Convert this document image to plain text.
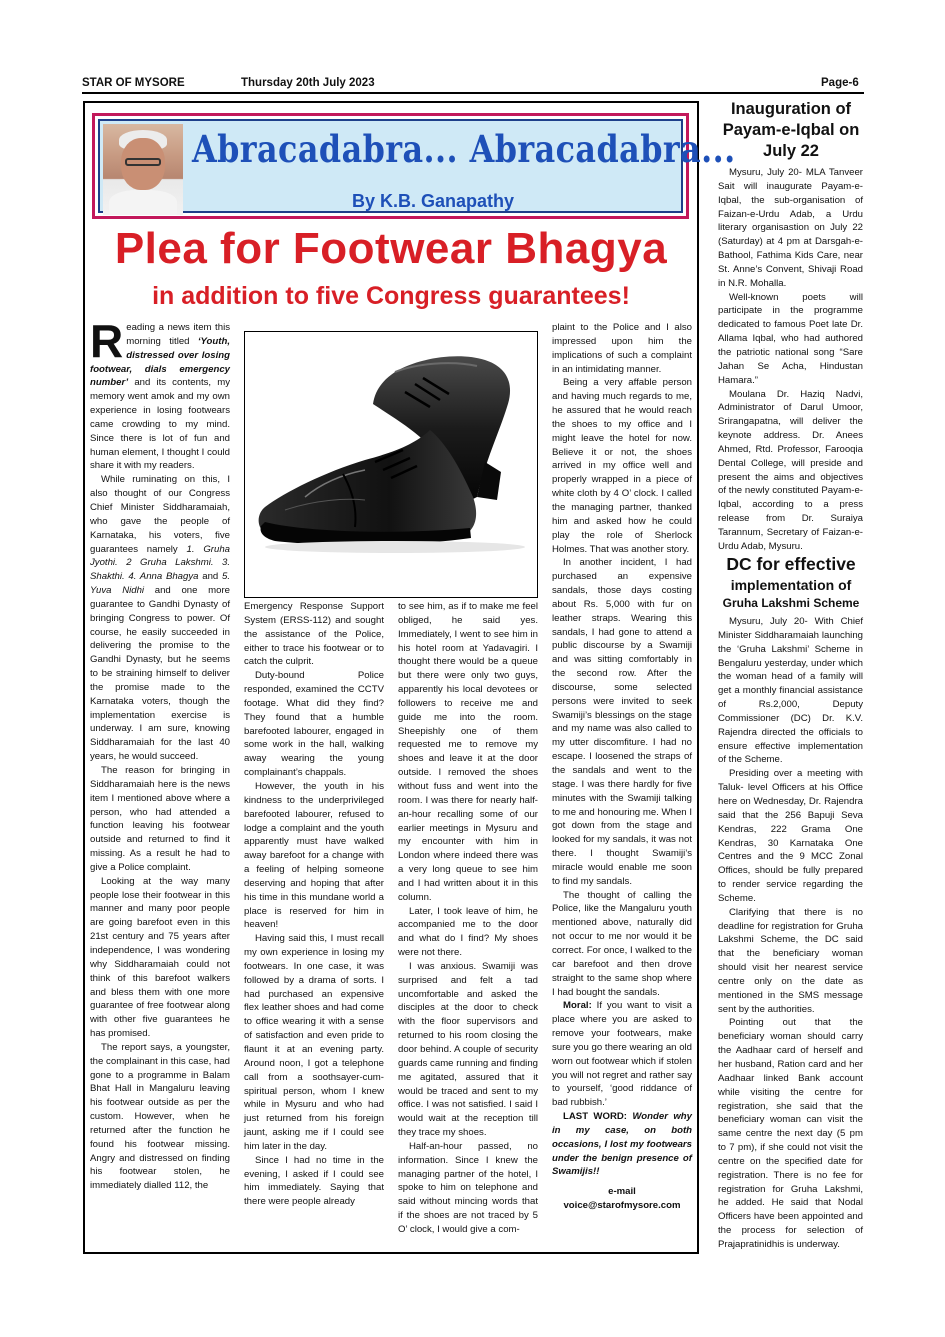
STAR OF MYSORE	Thursday 20th July 2023	Page-6
Abracadabra... Abracadabra...
By K.B. Ganapathy
Plea for Footwear Bhagya
in addition to five Congress guarantees!

Reading a news item this morning titled ‘Youth, distressed over losing footwear, dials emergency number’ and its contents, my memory went amok and my own experience in losing footwears came crowding to my mind. Since there is lot of fun and human element, I thought I could share it with my readers.

While ruminating on this, I also thought of our Congress Chief Minister Siddharamaiah, who gave the people of Karnataka, his voters, five guarantees namely 1. Gruha Jyothi. 2 Gruha Lakshmi. 3. Shakthi. 4. Anna Bhagya and 5. Yuva Nidhi and one more guarantee to Gandhi Dynasty of bringing Congress to power. Of course, he easily succeeded in delivering the promise to the Gandhi Dynasty, but he seems to be straining himself to deliver the promise made to the Karnataka voters, though the implementation exercise is underway. I am sure, knowing Siddharamaiah for the last 40 years, he would succeed.

The reason for bringing in Siddharamaiah here is the news item I mentioned above where a person, who had attended a function leaving his footwear outside and returned to find it missing. As a result he had to give a Police complaint.

Looking at the way many people lose their footwear in this manner and many poor people are going barefoot even in this 21st century and 75 years after independence, I was wondering why Siddharamaiah could not think of this barefoot walkers and bless them with one more guarantee of free footwear along with other five guarantees he has promised.

The report says, a youngster, the complainant in this case, had gone to a programme in Balam Bhat Hall in Mangaluru leaving his footwear outside as per the custom. However, when he returned after the function he found his footwear missing. Angry and distressed on finding his footwear stolen, he immediately dialled 112, the

Emergency Response Support System (ERSS-112) and sought the assistance of the Police, either to trace his footwear or to catch the culprit.

Duty-bound Police responded, examined the CCTV footage. What did they find? They found that a humble barefooted labourer, engaged in some work in the hall, walking away wearing the young complainant’s chappals.

However, the youth in his kindness to the underprivileged barefooted labourer, refused to lodge a complaint and the youth apparently must have walked away barefoot for a change with a feeling of helping someone deserving and hoping that after his time in this mundane world a place is reserved for him in heaven!

Having said this, I must recall my own experience in losing my footwears. In one case, it was followed by a drama of sorts. I had purchased an expensive flex leather shoes and had come to office wearing it with a sense of satisfaction and even pride to flaunt it at an evening party. Around noon, I got a telephone call from a soothsayer-cum-spiritual person, whom I knew while in Mysuru and who had just returned from his foreign jaunt, asking me if I could see him later in the day.

Since I had no time in the evening, I asked if I could see him immediately. Saying that there were people already

to see him, as if to make me feel obliged, he said yes. Immediately, I went to see him in his hotel room at Yadavagiri. I thought there would be a queue but there were only two guys, apparently his local devotees or followers to receive me and guide me into the room. Sheepishly one of them requested me to remove my shoes and leave it at the door outside. I removed the shoes without fuss and went into the room. I was there for nearly half-an-hour recalling some of our earlier meetings in Mysuru and my encounter with him in London where indeed there was a very long queue to see him and I had written about it in this column.

Later, I took leave of him, he accompanied me to the door and what do I find? My shoes were not there.

I was anxious. Swamiji was surprised and felt a tad uncomfortable and asked the disciples at the door to check with the floor supervisors and returned to his room closing the door behind. A couple of security guards came running and finding me agitated, assured that it would be traced and sent to my office. I was not satisfied. I said I would wait at the reception till they trace my shoes.

Half-an-hour passed, no information. Since I knew the managing partner of the hotel, I spoke to him on telephone and said without mincing words that if the shoes are not traced by 5 O’ clock, I would give a com-

plaint to the Police and I also impressed upon him the implications of such a complaint in an intimidating manner.

Being a very affable person and having much regards to me, he assured that he would reach the shoes to my office and I might leave the hotel for now. Believe it or not, the shoes arrived in my office well and properly wrapped in a piece of white cloth by 4 O’ clock. I called the managing partner, thanked him and asked how he could play the role of Sherlock Holmes. That was another story.

In another incident, I had purchased an expensive sandals, those days costing about Rs. 5,000 with fur on leather straps. Wearing this sandals, I had gone to attend a public discourse by a Swamiji and was sitting comfortably in the second row. After the discourse, some selected persons were invited to seek Swamiji’s blessings on the stage and my name was also called to my utter discomfiture. I had no escape. I loosened the straps of the sandals and went to the stage. I was there hardly for five minutes with the Swamiji talking to me and honouring me. When I got down from the stage and looked for my sandals, it was not there. I thought Swamiji’s miracle would enable me soon to find my sandals.

The thought of calling the Police, like the Mangaluru youth mentioned above, naturally did not occur to me nor would it be correct. For once, I walked to the car barefoot and then drove straight to the same shop where I had bought the sandals.

Moral: If you want to visit a place where you are asked to remove your footwears, make sure you go there wearing an old worn out footwear which if stolen you will not regret and rather say to yourself, ‘good riddance of bad rubbish.’

LAST WORD: Wonder why in my case, on both occasions, I lost my footwears under the benign presence of Swamijis!!

e-mail

voice@starofmysore.com

Inauguration of Payam-e-Iqbal on July 22

Mysuru, July 20- MLA Tanveer Sait will inaugurate Payam-e-Iqbal, the sub-organisation of Faizan-e-Urdu Adab, a Urdu literary organisastion on July 22 (Saturday) at 4 pm at Darsgah-e-Bathool, Fathima Kids Care, near St. Anne’s Convent, Shivaji Road in N.R. Mohalla.

Well-known poets will participate in the programme dedicated to famous Poet late Dr. Allama Iqbal, who had authored the patriotic national song “Sare Jahan Se Acha, Hindustan Hamara.”

Moulana Dr. Haziq Nadvi, Administrator of Darul Umoor, Srirangapatna, will deliver the keynote address. Dr. Anees Ahmed, Rtd. Professor, Farooqia Dental College, will preside and present the aims and objectives of the newly constituted Payam-e-Iqbal, according to a press release from Dr. Suraiya Tarannum, Secretary of Faizan-e-Urdu Adab, Mysuru.

DC for effective
implementation of
Gruha Lakshmi Scheme

Mysuru, July 20- With Chief Minister Siddharamaiah launching the ‘Gruha Lakshmi’ Scheme in Bengaluru yesterday, under which the woman head of a family will get a monthly financial assistance of Rs.2,000, Deputy Commissioner (DC) Dr. K.V. Rajendra directed the officials to ensure effective implementation of the Scheme.

Presiding over a meeting with Taluk- level Officers at his Office here on Wednesday, Dr. Rajendra said that the 256 Bapuji Seva Kendras, 222 Grama One Kendras, 30 Karnataka One Centres and the 9 MCC Zonal Offices, should be fully prepared to render service regarding the Scheme.

Clarifying that there is no deadline for registration for Gruha Lakshmi Scheme, the DC said that the beneficiary woman should visit her nearest service centre only on the date as mentioned in the SMS message sent by the authorities.

Pointing out that the beneficiary woman should carry the Aadhaar card of herself and her husband, Ration card and her Aadhaar linked Bank account while visiting the centre for registration, she said that the beneficiary woman can visit the same centre the next day (5 pm to 7 pm), if she could not visit the centre on the specified date for registration. There is no fee for registration for Gruha Lakshmi, he added. He said that Nodal Officers have been appointed and the process for selection of Prajapratinidhis is underway.
